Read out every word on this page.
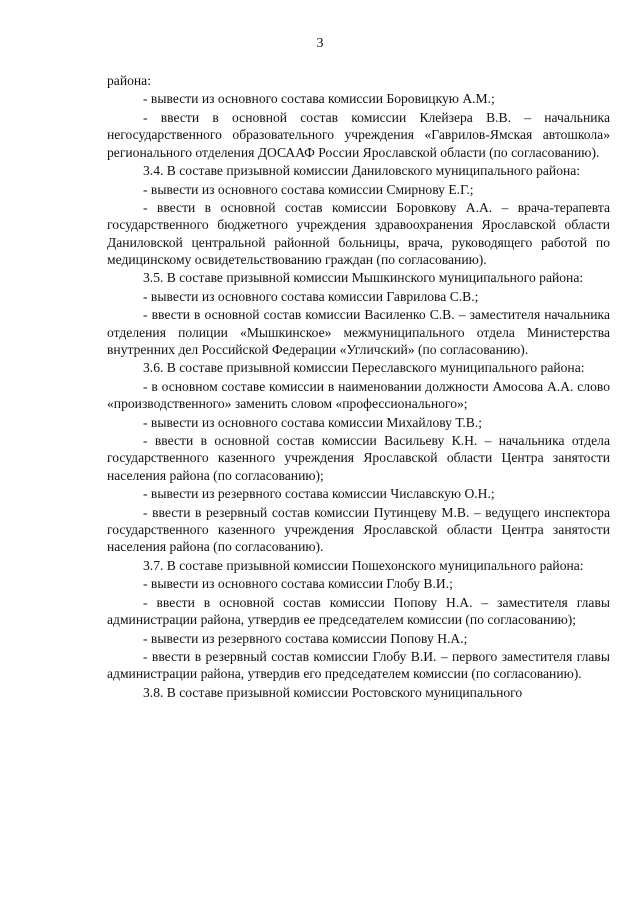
3

района:

- вывести из основного состава комиссии Боровицкую А.М.;

- ввести в основной состав комиссии Клейзера В.В. – начальника негосударственного образовательного учреждения «Гаврилов-Ямская автошкола» регионального отделения ДОСААФ России Ярославской области (по согласованию).

3.4. В составе призывной комиссии Даниловского муниципального района:

- вывести из основного состава комиссии Смирнову Е.Г.;

- ввести в основной состав комиссии Боровкову А.А. – врача-терапевта государственного бюджетного учреждения здравоохранения Ярославской области Даниловской центральной районной больницы, врача, руководящего работой по медицинскому освидетельствованию граждан (по согласованию).

3.5. В составе призывной комиссии Мышкинского муниципального района:

- вывести из основного состава комиссии Гаврилова С.В.;

- ввести в основной состав комиссии Василенко С.В. – заместителя начальника отделения полиции «Мышкинское» межмуниципального отдела Министерства внутренних дел Российской Федерации «Угличский» (по согласованию).

3.6. В составе призывной комиссии Переславского муниципального района:

- в основном составе комиссии в наименовании должности Амосова А.А. слово «производственного» заменить словом «профессионального»;

- вывести из основного состава комиссии Михайлову Т.В.;

- ввести в основной состав комиссии Васильеву К.Н. – начальника отдела государственного казенного учреждения Ярославской области Центра занятости населения района (по согласованию);

- вывести из резервного состава комиссии Числавскую О.Н.;

- ввести в резервный состав комиссии Путинцеву М.В. – ведущего инспектора государственного казенного учреждения Ярославской области Центра занятости населения района (по согласованию).

3.7. В составе призывной комиссии Пошехонского муниципального района:

- вывести из основного состава комиссии Глобу В.И.;

- ввести в основной состав комиссии Попову Н.А. – заместителя главы администрации района, утвердив ее председателем комиссии (по согласованию);

- вывести из резервного состава комиссии Попову Н.А.;

- ввести в резервный состав комиссии Глобу В.И. – первого заместителя главы администрации района, утвердив его председателем комиссии (по согласованию).

3.8. В составе призывной комиссии Ростовского муниципального
